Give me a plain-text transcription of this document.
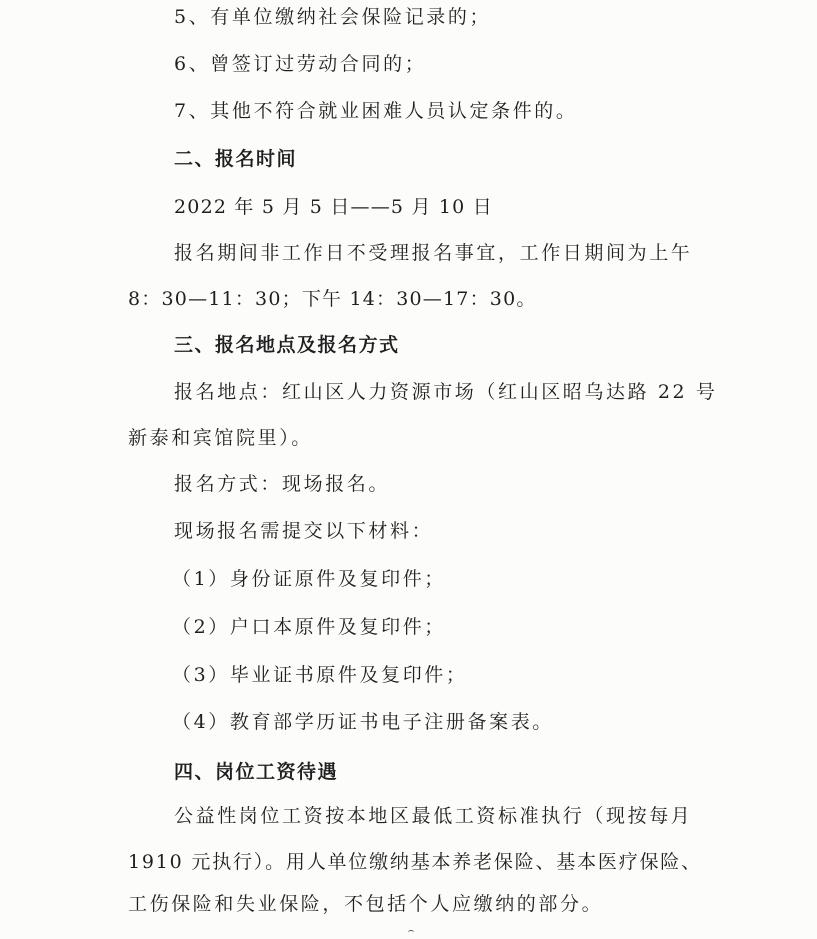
5、有单位缴纳社会保险记录的；
6、曾签订过劳动合同的；
7、其他不符合就业困难人员认定条件的。
二、报名时间
2022 年 5 月 5 日——5 月 10 日
报名期间非工作日不受理报名事宜，工作日期间为上午
8：30—11：30；下午 14：30—17：30。
三、报名地点及报名方式
报名地点：红山区人力资源市场（红山区昭乌达路 22 号
新泰和宾馆院里）。
报名方式：现场报名。
现场报名需提交以下材料：
（1）身份证原件及复印件；
（2）户口本原件及复印件；
（3）毕业证书原件及复印件；
（4）教育部学历证书电子注册备案表。
四、岗位工资待遇
公益性岗位工资按本地区最低工资标准执行（现按每月
1910 元执行）。用人单位缴纳基本养老保险、基本医疗保险、
工伤保险和失业保险，不包括个人应缴纳的部分。
